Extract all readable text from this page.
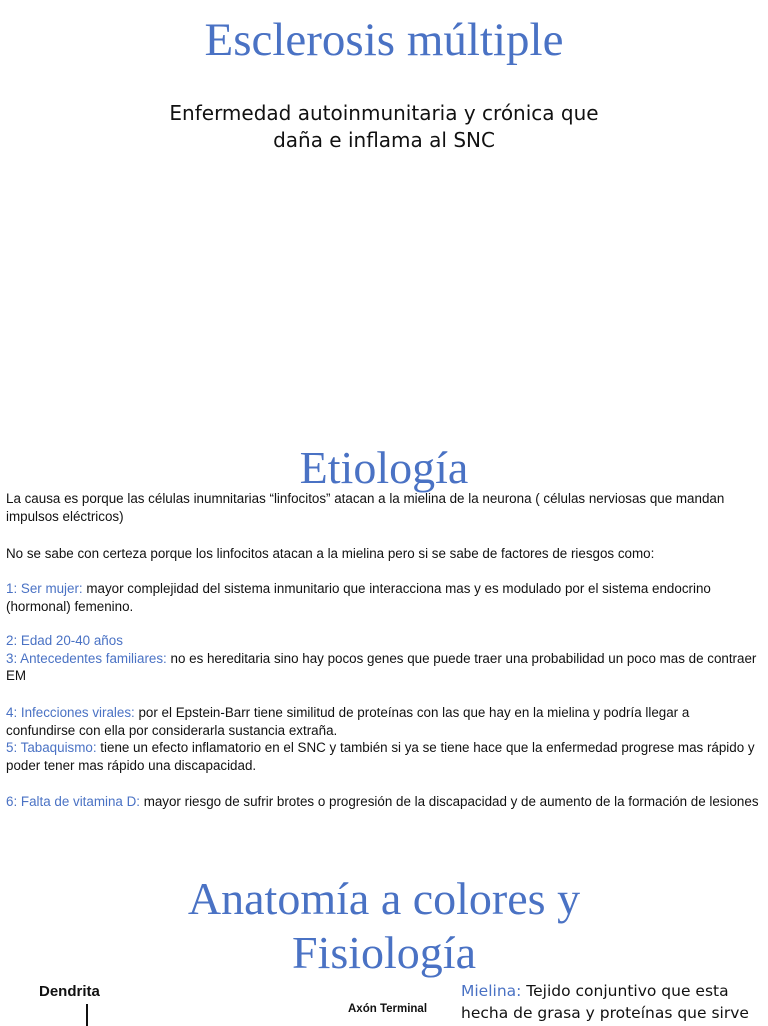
Esclerosis múltiple
Enfermedad autoinmunitaria y crónica que
daña e inflama al SNC
Etiología

La causa es porque las células inumnitarias “linfocitos” atacan a la mielina de la neurona ( células nerviosas que mandan impulsos eléctricos)

No se sabe con certeza porque los linfocitos atacan a la mielina pero si se sabe de factores de riesgos como:

1: Ser mujer: mayor complejidad del sistema inmunitario que interacciona mas y es modulado por el sistema endocrino (hormonal) femenino.

2: Edad 20-40 años
3: Antecedentes familiares: no es hereditaria sino hay pocos genes que puede traer una probabilidad un poco mas de contraer EM

4: Infecciones virales: por el Epstein-Barr tiene similitud de proteínas con las que hay en la mielina y podría llegar a confundirse con ella por considerarla sustancia extraña.
5: Tabaquismo: tiene un efecto inflamatorio en el SNC y también si ya se tiene hace que la enfermedad progrese mas rápido y poder tener mas rápido una discapacidad.

6: Falta de vitamina D: mayor riesgo de sufrir brotes o progresión de la discapacidad y de aumento de la formación de lesiones

Anatomía a colores y
Fisiología
Dendrita
Axón Terminal
Mielina: Tejido conjuntivo que esta
hecha de grasa y proteínas que sirve
